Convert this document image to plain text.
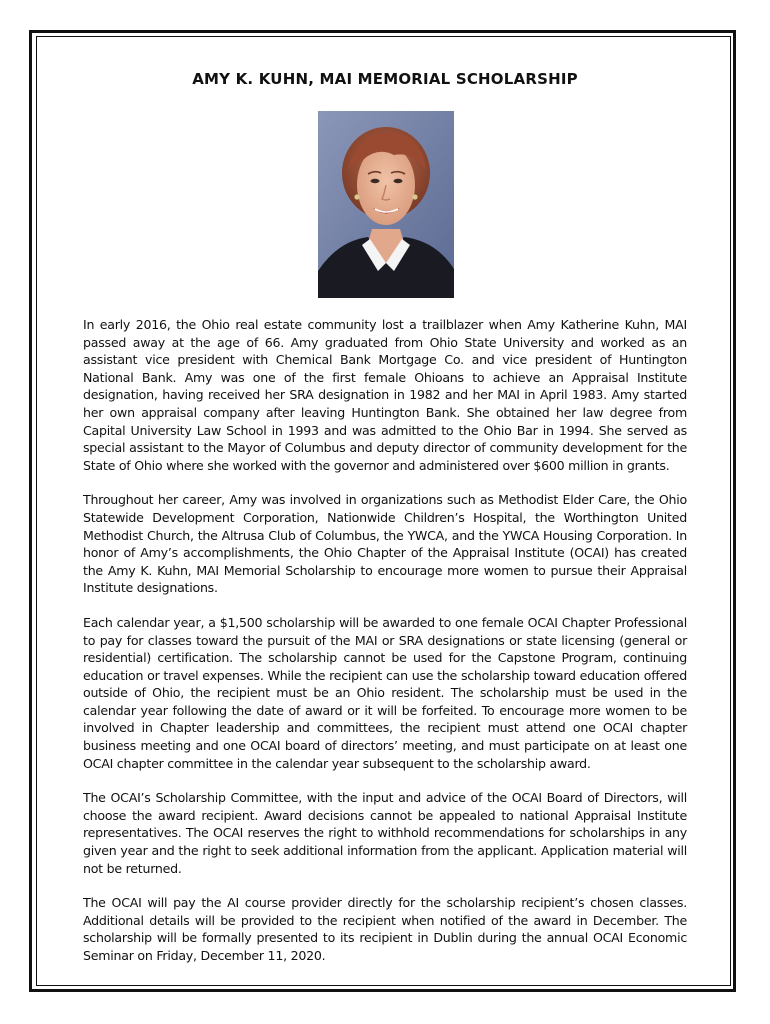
AMY K. KUHN, MAI MEMORIAL SCHOLARSHIP

In early 2016, the Ohio real estate community lost a trailblazer when Amy Katherine Kuhn, MAI passed away at the age of 66. Amy graduated from Ohio State University and worked as an assistant vice president with Chemical Bank Mortgage Co. and vice president of Huntington National Bank. Amy was one of the first female Ohioans to achieve an Appraisal Institute designation, having received her SRA designation in 1982 and her MAI in April 1983. Amy started her own appraisal company after leaving Huntington Bank. She obtained her law degree from Capital University Law School in 1993 and was admitted to the Ohio Bar in 1994. She served as special assistant to the Mayor of Columbus and deputy director of community development for the State of Ohio where she worked with the governor and administered over $600 million in grants.

Throughout her career, Amy was involved in organizations such as Methodist Elder Care, the Ohio Statewide Development Corporation, Nationwide Children’s Hospital, the Worthington United Methodist Church, the Altrusa Club of Columbus, the YWCA, and the YWCA Housing Corporation. In honor of Amy’s accomplishments, the Ohio Chapter of the Appraisal Institute (OCAI) has created the Amy K. Kuhn, MAI Memorial Scholarship to encourage more women to pursue their Appraisal Institute designations.

Each calendar year, a $1,500 scholarship will be awarded to one female OCAI Chapter Professional to pay for classes toward the pursuit of the MAI or SRA designations or state licensing (general or residential) certification. The scholarship cannot be used for the Capstone Program, continuing education or travel expenses. While the recipient can use the scholarship toward education offered outside of Ohio, the recipient must be an Ohio resident. The scholarship must be used in the calendar year following the date of award or it will be forfeited. To encourage more women to be involved in Chapter leadership and committees, the recipient must attend one OCAI chapter business meeting and one OCAI board of directors’ meeting, and must participate on at least one OCAI chapter committee in the calendar year subsequent to the scholarship award.

The OCAI’s Scholarship Committee, with the input and advice of the OCAI Board of Directors, will choose the award recipient. Award decisions cannot be appealed to national Appraisal Institute representatives. The OCAI reserves the right to withhold recommendations for scholarships in any given year and the right to seek additional information from the applicant. Application material will not be returned.

The OCAI will pay the AI course provider directly for the scholarship recipient’s chosen classes. Additional details will be provided to the recipient when notified of the award in December. The scholarship will be formally presented to its recipient in Dublin during the annual OCAI Economic Seminar on Friday, December 11, 2020.
